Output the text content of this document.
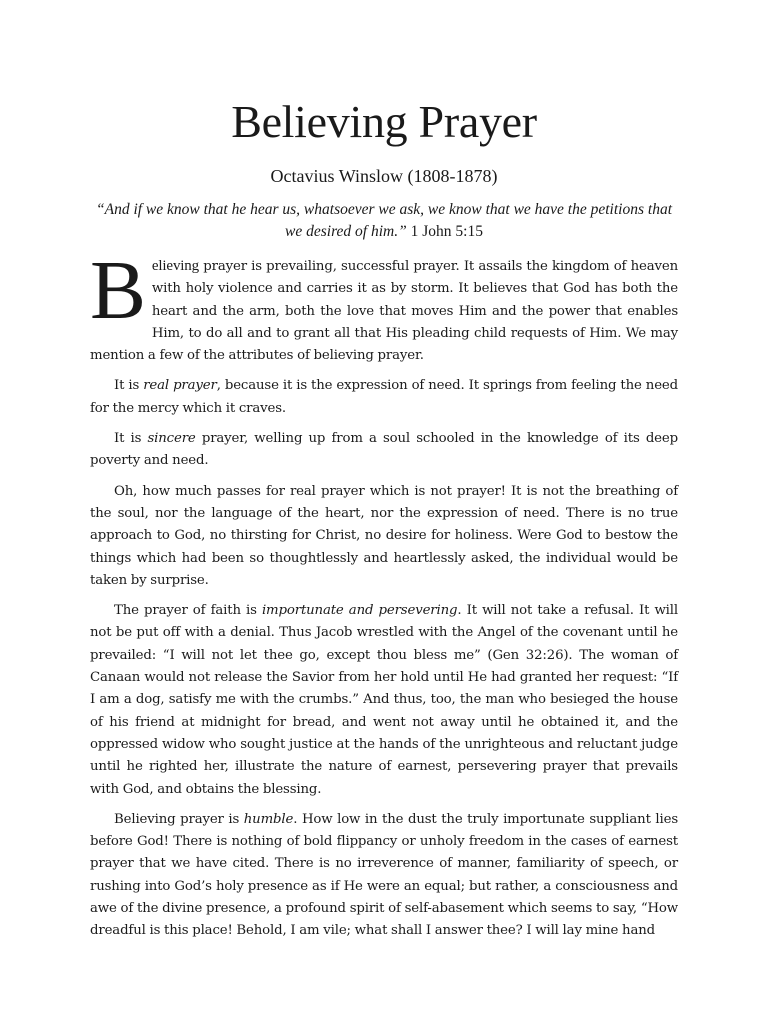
Believing Prayer
Octavius Winslow (1808-1878)
“And if we know that he hear us, whatsoever we ask, we know that we have the petitions that we desired of him.” 1 John 5:15

Believing prayer is prevailing, successful prayer. It assails the kingdom of heaven with holy violence and carries it as by storm. It believes that God has both the heart and the arm, both the love that moves Him and the power that enables Him, to do all and to grant all that His pleading child requests of Him. We may mention a few of the attributes of believing prayer.

It is real prayer, because it is the expression of need. It springs from feeling the need for the mercy which it craves.

It is sincere prayer, welling up from a soul schooled in the knowledge of its deep poverty and need.

Oh, how much passes for real prayer which is not prayer! It is not the breathing of the soul, nor the language of the heart, nor the expression of need. There is no true approach to God, no thirsting for Christ, no desire for holiness. Were God to bestow the things which had been so thoughtlessly and heartlessly asked, the individual would be taken by surprise.

The prayer of faith is importunate and persevering. It will not take a refusal. It will not be put off with a denial. Thus Jacob wrestled with the Angel of the covenant until he prevailed: “I will not let thee go, except thou bless me” (Gen 32:26). The woman of Canaan would not release the Savior from her hold until He had granted her request: “If I am a dog, satisfy me with the crumbs.” And thus, too, the man who besieged the house of his friend at midnight for bread, and went not away until he obtained it, and the oppressed widow who sought justice at the hands of the unrighteous and reluctant judge until he righted her, illustrate the nature of earnest, persevering prayer that prevails with God, and obtains the blessing.

Believing prayer is humble. How low in the dust the truly importunate suppliant lies before God! There is nothing of bold flippancy or unholy freedom in the cases of earnest prayer that we have cited. There is no irreverence of manner, familiarity of speech, or rushing into God’s holy presence as if He were an equal; but rather, a consciousness and awe of the divine presence, a profound spirit of self-abasement which seems to say, “How dreadful is this place! Behold, I am vile; what shall I answer thee? I will lay mine hand
